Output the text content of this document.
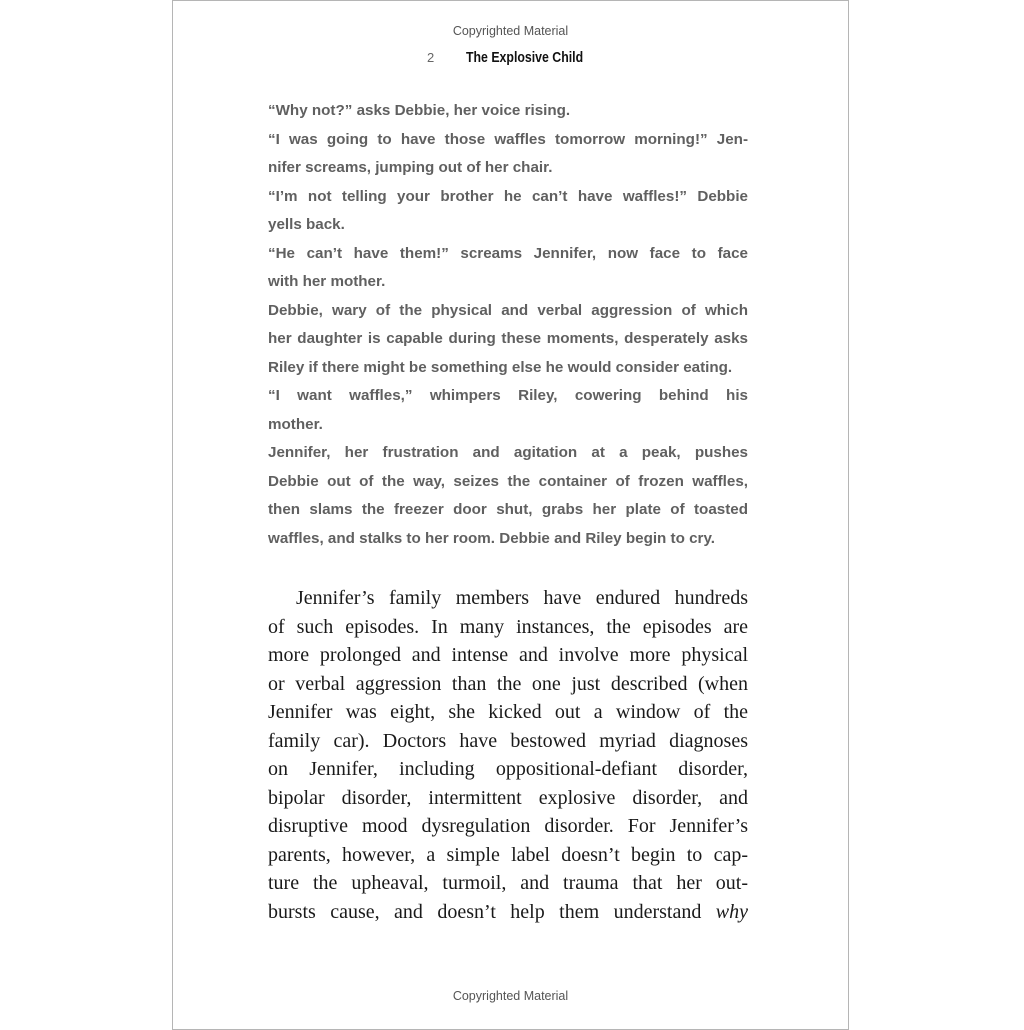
Copyrighted Material
2 The Explosive Child
“Why not?” asks Debbie, her voice rising.
“I was going to have those waffles tomorrow morning!” Jen-
nifer screams, jumping out of her chair.
“I’m not telling your brother he can’t have waffles!” Debbie
yells back.
“He can’t have them!” screams Jennifer, now face to face
with her mother.
Debbie, wary of the physical and verbal aggression of which
her daughter is capable during these moments, desperately asks
Riley if there might be something else he would consider eating.
“I want waffles,” whimpers Riley, cowering behind his
mother.
Jennifer, her frustration and agitation at a peak, pushes
Debbie out of the way, seizes the container of frozen waffles,
then slams the freezer door shut, grabs her plate of toasted
waffles, and stalks to her room. Debbie and Riley begin to cry.
Jennifer’s family members have endured hundreds
of such episodes. In many instances, the episodes are
more prolonged and intense and involve more physical
or verbal aggression than the one just described (when
Jennifer was eight, she kicked out a window of the
family car). Doctors have bestowed myriad diagnoses
on Jennifer, including oppositional-defiant disorder,
bipolar disorder, intermittent explosive disorder, and
disruptive mood dysregulation disorder. For Jennifer’s
parents, however, a simple label doesn’t begin to cap-
ture the upheaval, turmoil, and trauma that her out-
bursts cause, and doesn’t help them understand why
Copyrighted Material
